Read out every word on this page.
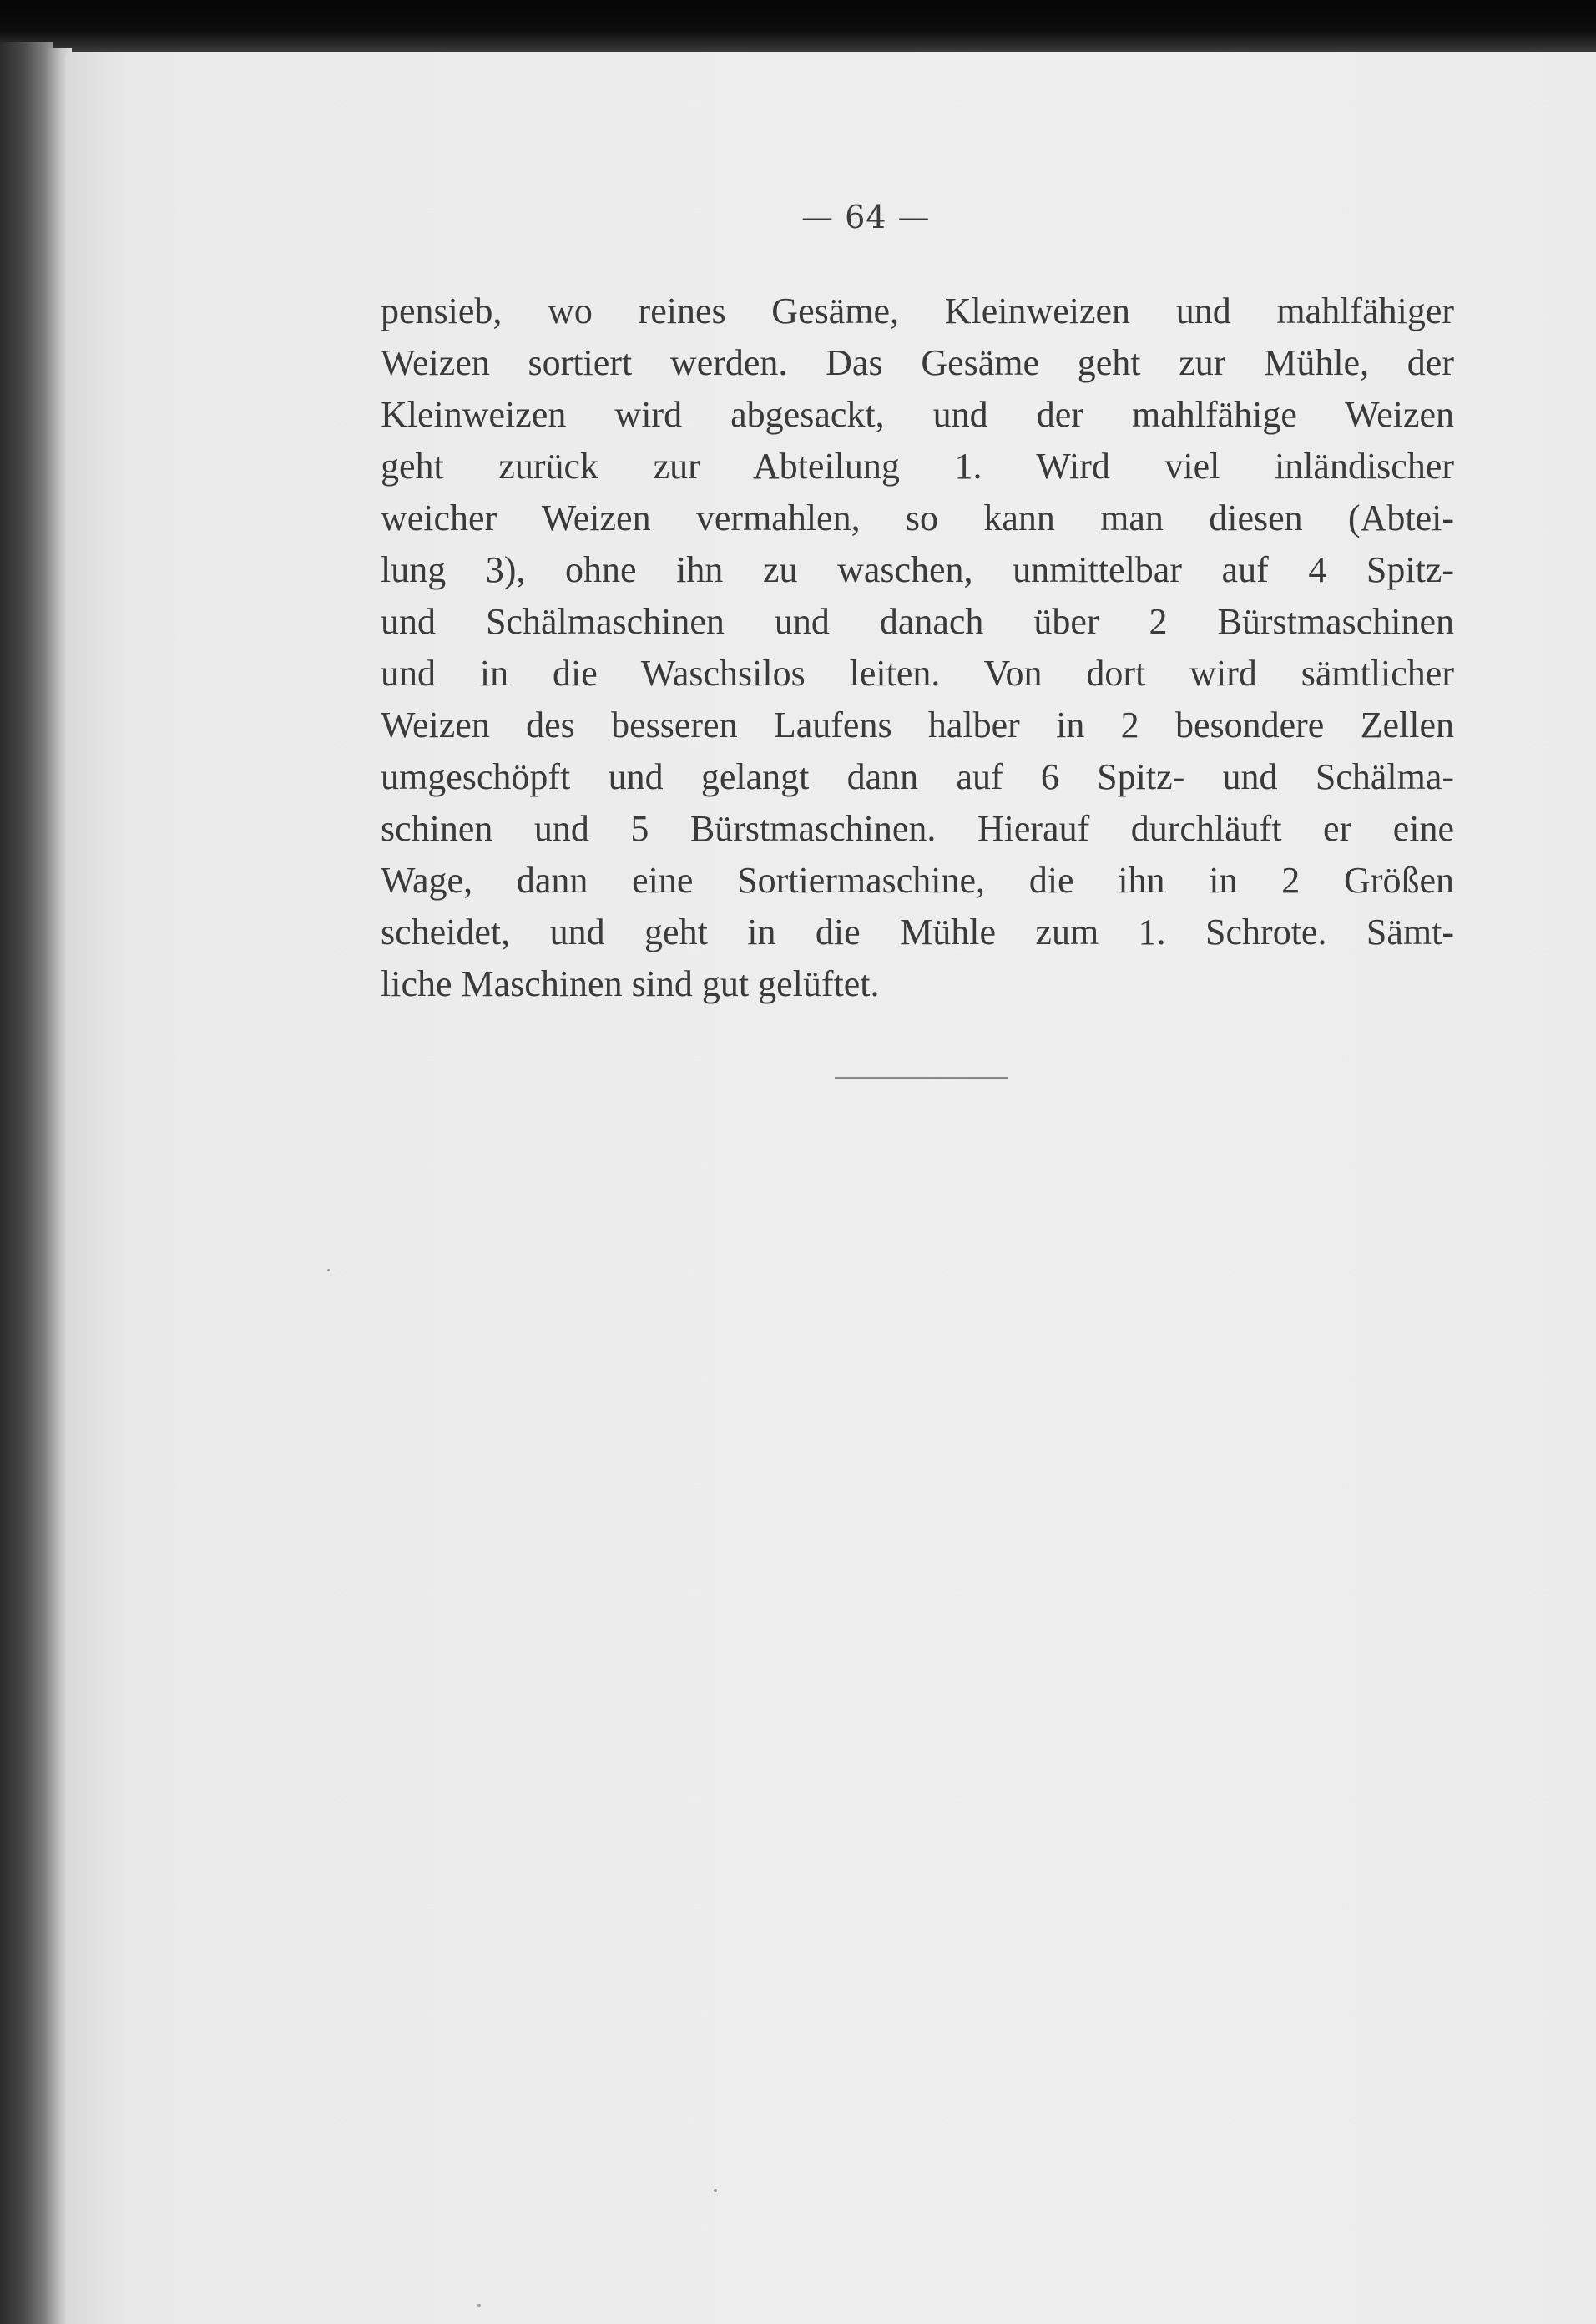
— 64 —
pensieb, wo reines Gesäme, Kleinweizen und mahlfähiger
Weizen sortiert werden. Das Gesäme geht zur Mühle, der
Kleinweizen wird abgesackt, und der mahlfähige Weizen
geht zurück zur Abteilung 1. Wird viel inländischer
weicher Weizen vermahlen, so kann man diesen (Abtei-
lung 3), ohne ihn zu waschen, unmittelbar auf 4 Spitz-
und Schälmaschinen und danach über 2 Bürstmaschinen
und in die Waschsilos leiten. Von dort wird sämtlicher
Weizen des besseren Laufens halber in 2 besondere Zellen
umgeschöpft und gelangt dann auf 6 Spitz- und Schälma-
schinen und 5 Bürstmaschinen. Hierauf durchläuft er eine
Wage, dann eine Sortiermaschine, die ihn in 2 Größen
scheidet, und geht in die Mühle zum 1. Schrote. Sämt-
liche Maschinen sind gut gelüftet.
